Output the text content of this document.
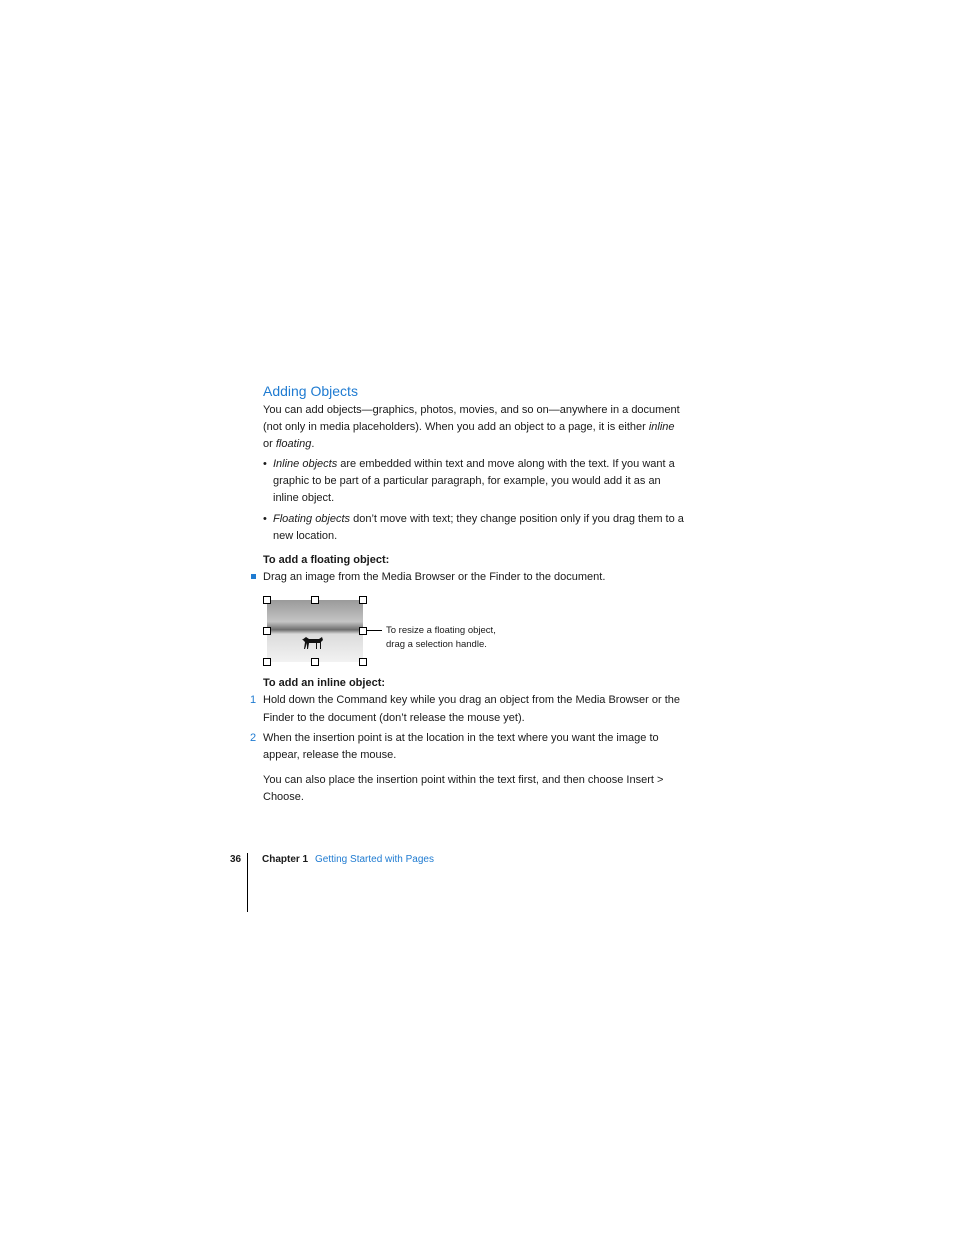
Adding Objects
You can add objects—graphics, photos, movies, and so on—anywhere in a document
(not only in media placeholders). When you add an object to a page, it is either inline
or floating.
• Inline objects are embedded within text and move along with the text. If you want a
graphic to be part of a particular paragraph, for example, you would add it as an
inline object.
• Floating objects don’t move with text; they change position only if you drag them to a
new location.
To add a floating object:
Drag an image from the Media Browser or the Finder to the document.
To resize a floating object,
drag a selection handle.
To add an inline object:
1 Hold down the Command key while you drag an object from the Media Browser or the
Finder to the document (don’t release the mouse yet).
2 When the insertion point is at the location in the text where you want the image to
appear, release the mouse.
You can also place the insertion point within the text first, and then choose Insert >
Choose.
36 Chapter 1 Getting Started with Pages
